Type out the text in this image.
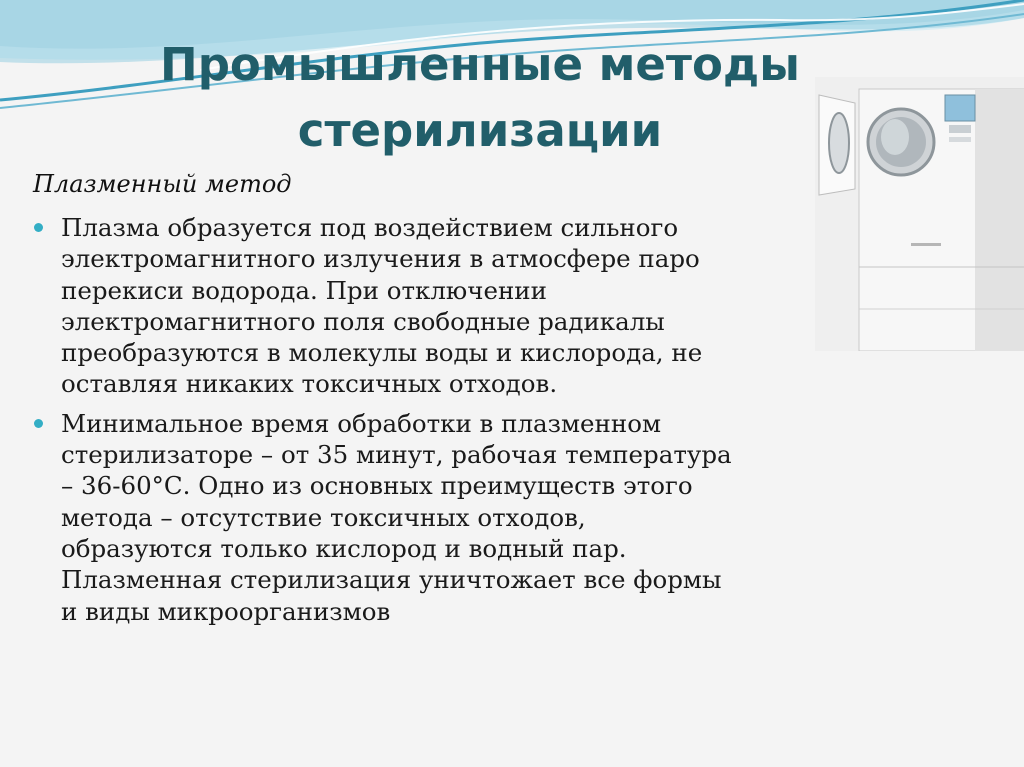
Промышленные методы
стерилизации
Плазменный метод
Плазма образуется под воздействием сильного
электромагнитного излучения в атмосфере паро
перекиси водорода. При отключении
электромагнитного поля свободные радикалы
преобразуются в молекулы воды и кислорода, не
оставляя никаких токсичных отходов.
Минимальное время обработки в плазменном
стерилизаторе – от 35 минут, рабочая температура
– 36-60°С. Одно из основных преимуществ этого
метода – отсутствие токсичных отходов,
образуются только кислород и водный пар.
Плазменная стерилизация уничтожает все формы
и виды микроорганизмов
